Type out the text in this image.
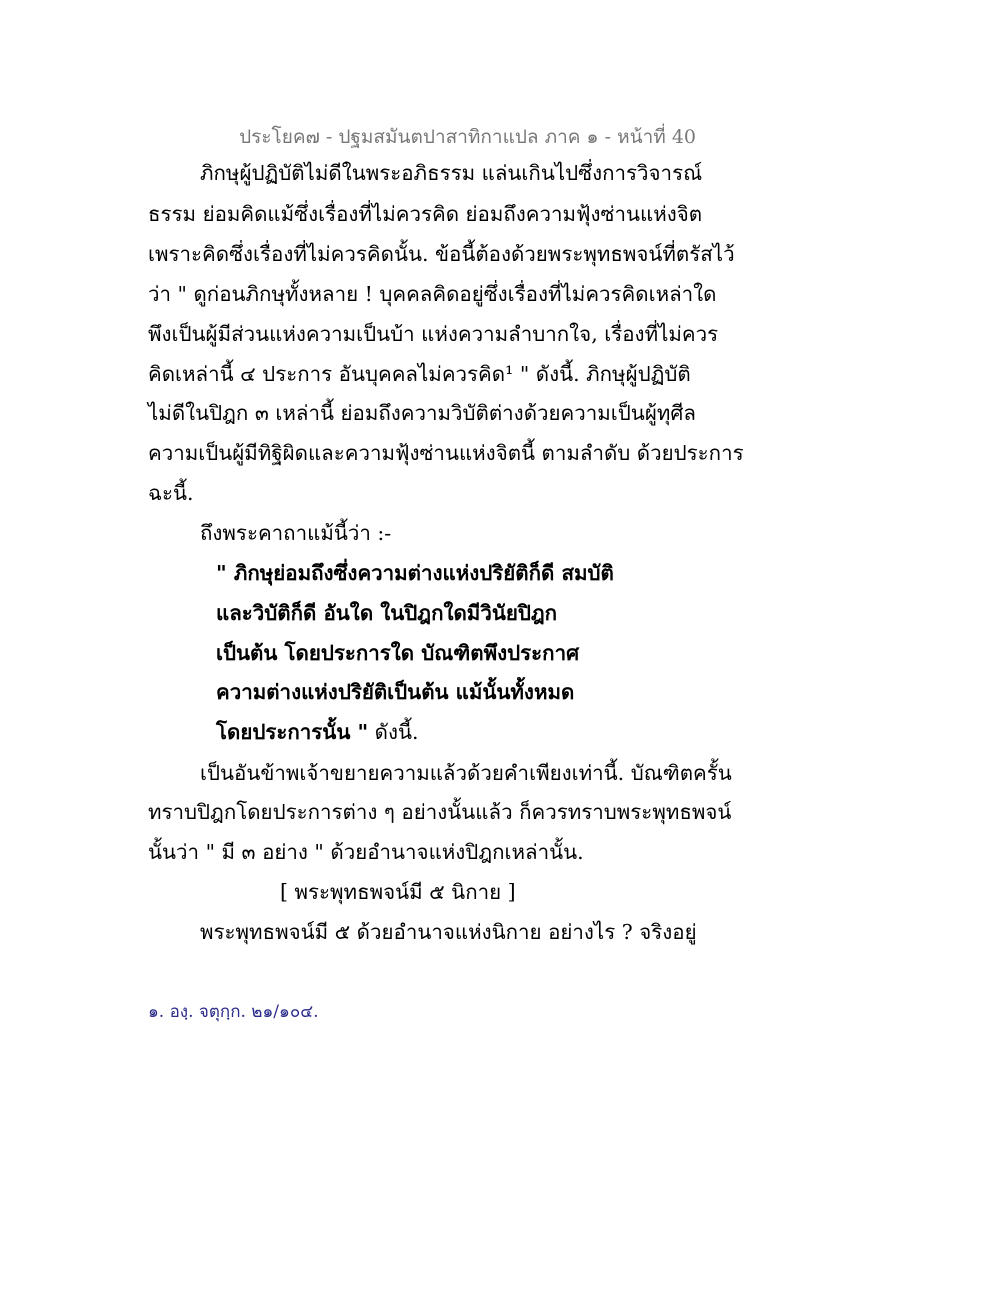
ประโยค๗ - ปฐมสมันตปาสาทิกาแปล ภาค ๑ - หน้าที่ 40
ภิกษุผู้ปฏิบัติไม่ดีในพระอภิธรรม แล่นเกินไปซึ่งการวิจารณ์
ธรรม ย่อมคิดแม้ซึ่งเรื่องที่ไม่ควรคิด ย่อมถึงความฟุ้งซ่านแห่งจิต
เพราะคิดซึ่งเรื่องที่ไม่ควรคิดนั้น. ข้อนี้ต้องด้วยพระพุทธพจน์ที่ตรัสไว้
ว่า " ดูก่อนภิกษุทั้งหลาย ! บุคคลคิดอยู่ซึ่งเรื่องที่ไม่ควรคิดเหล่าใด
พึงเป็นผู้มีส่วนแห่งความเป็นบ้า แห่งความลำบากใจ, เรื่องที่ไม่ควร
คิดเหล่านี้ ๔ ประการ อันบุคคลไม่ควรคิด¹ " ดังนี้. ภิกษุผู้ปฏิบัติ
ไม่ดีในปิฎก ๓ เหล่านี้ ย่อมถึงความวิบัติต่างด้วยความเป็นผู้ทุศีล
ความเป็นผู้มีทิฐิผิดและความฟุ้งซ่านแห่งจิตนี้ ตามลำดับ ด้วยประการ
ฉะนี้.
ถึงพระคาถาแม้นี้ว่า :-
" ภิกษุย่อมถึงซึ่งความต่างแห่งปริยัติก็ดี สมบัติ
และวิบัติก็ดี อันใด ในปิฎกใดมีวินัยปิฎก
เป็นต้น โดยประการใด บัณฑิตพึงประกาศ
ความต่างแห่งปริยัติเป็นต้น แม้นั้นทั้งหมด
โดยประการนั้น " ดังนี้.
เป็นอันข้าพเจ้าขยายความแล้วด้วยคำเพียงเท่านี้. บัณฑิตครั้น
ทราบปิฎกโดยประการต่าง ๆ อย่างนั้นแล้ว ก็ควรทราบพระพุทธพจน์
นั้นว่า " มี ๓ อย่าง " ด้วยอำนาจแห่งปิฎกเหล่านั้น.
[ พระพุทธพจน์มี ๕ นิกาย ]
พระพุทธพจน์มี ๕ ด้วยอำนาจแห่งนิกาย อย่างไร ? จริงอยู่
๑. องฺ. จตุกฺก. ๒๑/๑๐๔.
